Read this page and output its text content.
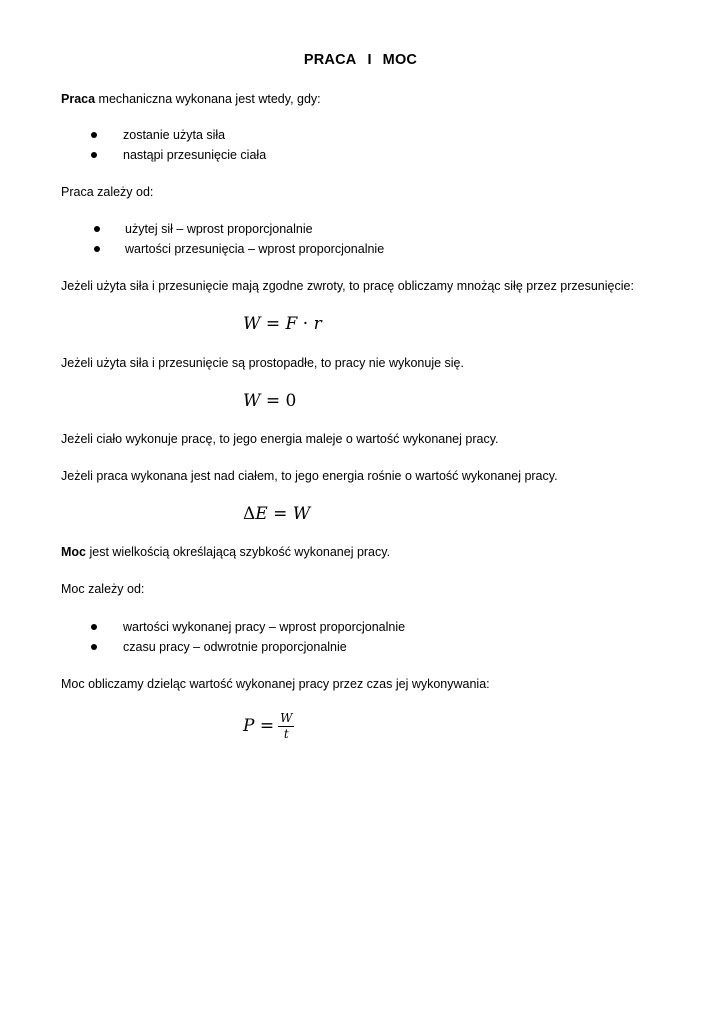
PRACA I MOC
Praca mechaniczna wykonana jest wtedy, gdy:
zostanie użyta siła
nastąpi przesunięcie ciała
Praca zależy od:
użytej sił – wprost proporcjonalnie
wartości przesunięcia – wprost proporcjonalnie
Jeżeli użyta siła i przesunięcie mają zgodne zwroty, to pracę obliczamy mnożąc siłę przez przesunięcie:
W = F · r
Jeżeli użyta siła i przesunięcie są prostopadłe, to pracy nie wykonuje się.
W = 0
Jeżeli ciało wykonuje pracę, to jego energia maleje o wartość wykonanej pracy.
Jeżeli praca wykonana jest nad ciałem, to jego energia rośnie o wartość wykonanej pracy.
ΔE = W
Moc jest wielkością określającą szybkość wykonanej pracy.
Moc zależy od:
wartości wykonanej pracy – wprost proporcjonalnie
czasu pracy – odwrotnie proporcjonalnie
Moc obliczamy dzieląc wartość wykonanej pracy przez czas jej wykonywania:
$P = \frac{W}{t}$
